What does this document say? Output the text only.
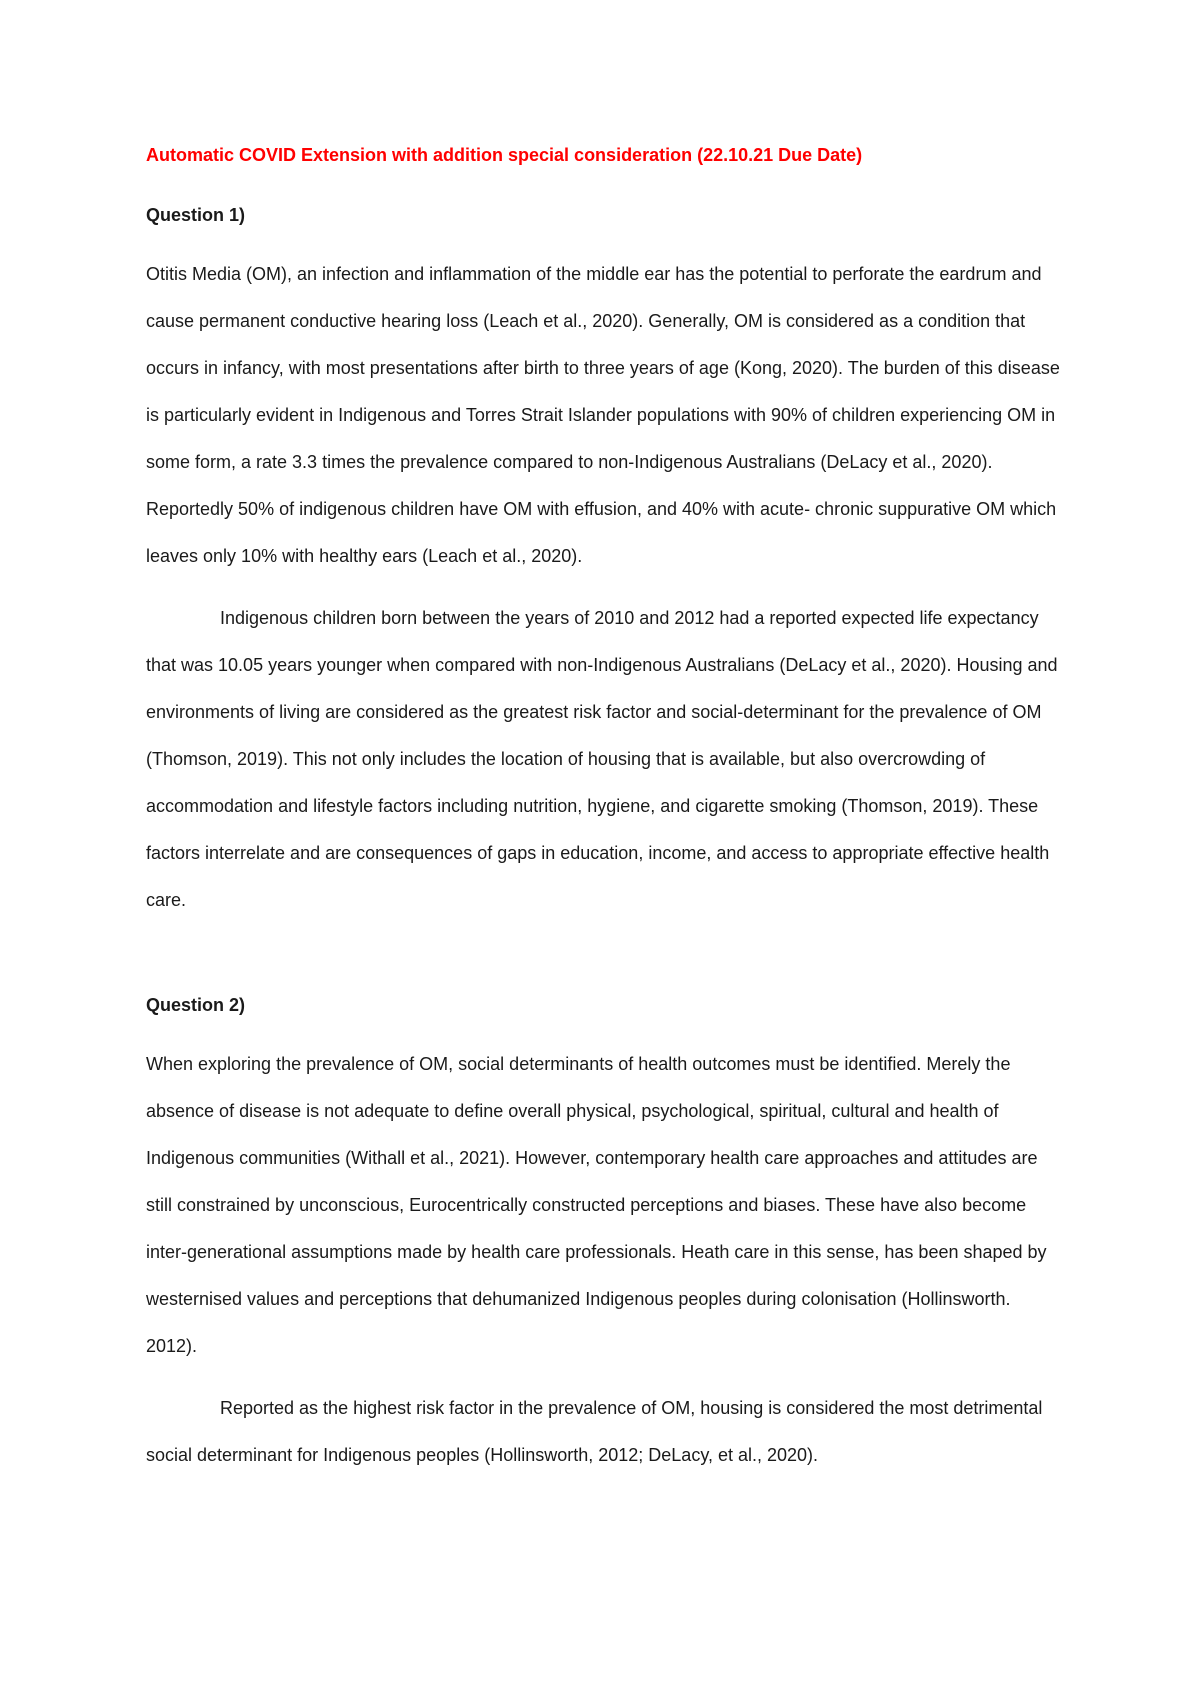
Automatic COVID Extension with addition special consideration (22.10.21 Due Date)

Question 1)

Otitis Media (OM), an infection and inflammation of the middle ear has the potential to perforate the eardrum and cause permanent conductive hearing loss (Leach et al., 2020). Generally, OM is considered as a condition that occurs in infancy, with most presentations after birth to three years of age (Kong, 2020). The burden of this disease is particularly evident in Indigenous and Torres Strait Islander populations with 90% of children experiencing OM in some form, a rate 3.3 times the prevalence compared to non-Indigenous Australians (DeLacy et al., 2020). Reportedly 50% of indigenous children have OM with effusion, and 40% with acute- chronic suppurative OM which leaves only 10% with healthy ears (Leach et al., 2020).

Indigenous children born between the years of 2010 and 2012 had a reported expected life expectancy that was 10.05 years younger when compared with non-Indigenous Australians (DeLacy et al., 2020). Housing and environments of living are considered as the greatest risk factor and social-determinant for the prevalence of OM (Thomson, 2019). This not only includes the location of housing that is available, but also overcrowding of accommodation and lifestyle factors including nutrition, hygiene, and cigarette smoking (Thomson, 2019). These factors interrelate and are consequences of gaps in education, income, and access to appropriate effective health care.

Question 2)

When exploring the prevalence of OM, social determinants of health outcomes must be identified. Merely the absence of disease is not adequate to define overall physical, psychological, spiritual, cultural and health of Indigenous communities (Withall et al., 2021). However, contemporary health care approaches and attitudes are still constrained by unconscious, Eurocentrically constructed perceptions and biases. These have also become inter-generational assumptions made by health care professionals. Heath care in this sense, has been shaped by westernised values and perceptions that dehumanized Indigenous peoples during colonisation (Hollinsworth. 2012).

Reported as the highest risk factor in the prevalence of OM, housing is considered the most detrimental social determinant for Indigenous peoples (Hollinsworth, 2012; DeLacy, et al., 2020).
